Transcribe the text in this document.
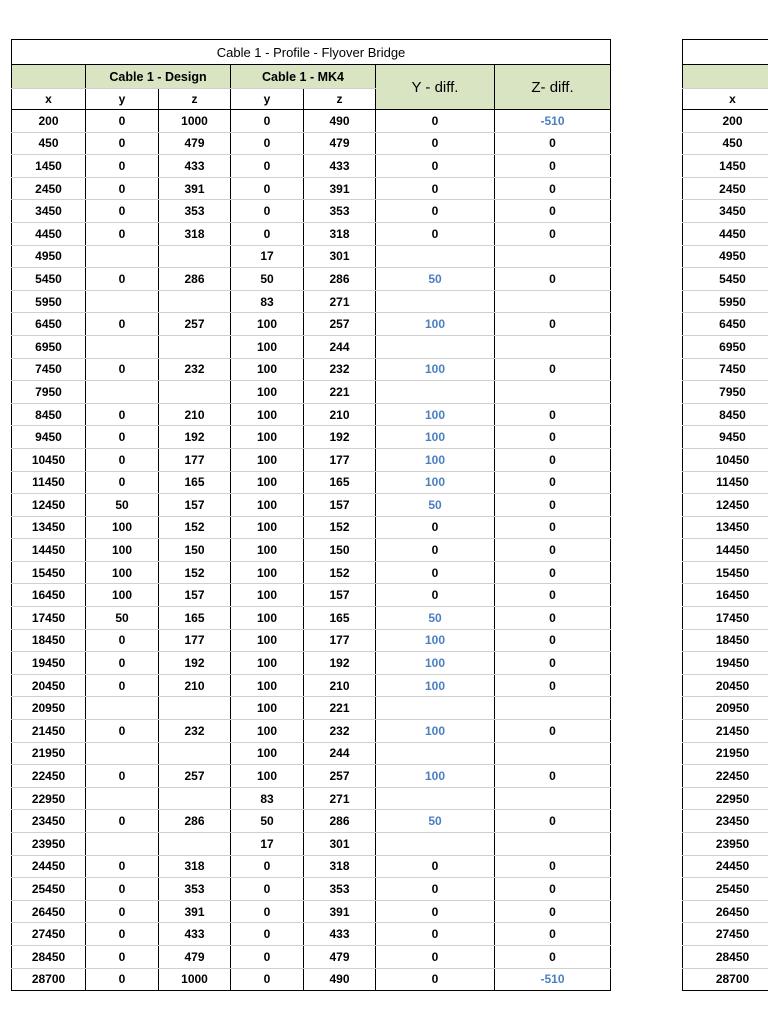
Cable 1 - Profile - Flyover Bridge						
	Cable 1 - Design		Cable 1 - MK4		Y - diff.	Z- diff.
x	y	z	y	z		
200	0	1000	0	490	0	-510
450	0	479	0	479	0	0
1450	0	433	0	433	0	0
2450	0	391	0	391	0	0
3450	0	353	0	353	0	0
4450	0	318	0	318	0	0
4950			17	301		
5450	0	286	50	286	50	0
5950			83	271		
6450	0	257	100	257	100	0
6950			100	244		
7450	0	232	100	232	100	0
7950			100	221		
8450	0	210	100	210	100	0
9450	0	192	100	192	100	0
10450	0	177	100	177	100	0
11450	0	165	100	165	100	0
12450	50	157	100	157	50	0
13450	100	152	100	152	0	0
14450	100	150	100	150	0	0
15450	100	152	100	152	0	0
16450	100	157	100	157	0	0
17450	50	165	100	165	50	0
18450	0	177	100	177	100	0
19450	0	192	100	192	100	0
20450	0	210	100	210	100	0
20950			100	221		
21450	0	232	100	232	100	0
21950			100	244		
22450	0	257	100	257	100	0
22950			83	271		
23450	0	286	50	286	50	0
23950			17	301		
24450	0	318	0	318	0	0
25450	0	353	0	353	0	0
26450	0	391	0	391	0	0
27450	0	433	0	433	0	0
28450	0	479	0	479	0	0
28700	0	1000	0	490	0	-510

x
200
450
1450
2450
3450
4450
4950
5450
5950
6450
6950
7450
7950
8450
9450
10450
11450
12450
13450
14450
15450
16450
17450
18450
19450
20450
20950
21450
21950
22450
22950
23450
23950
24450
25450
26450
27450
28450
28700
